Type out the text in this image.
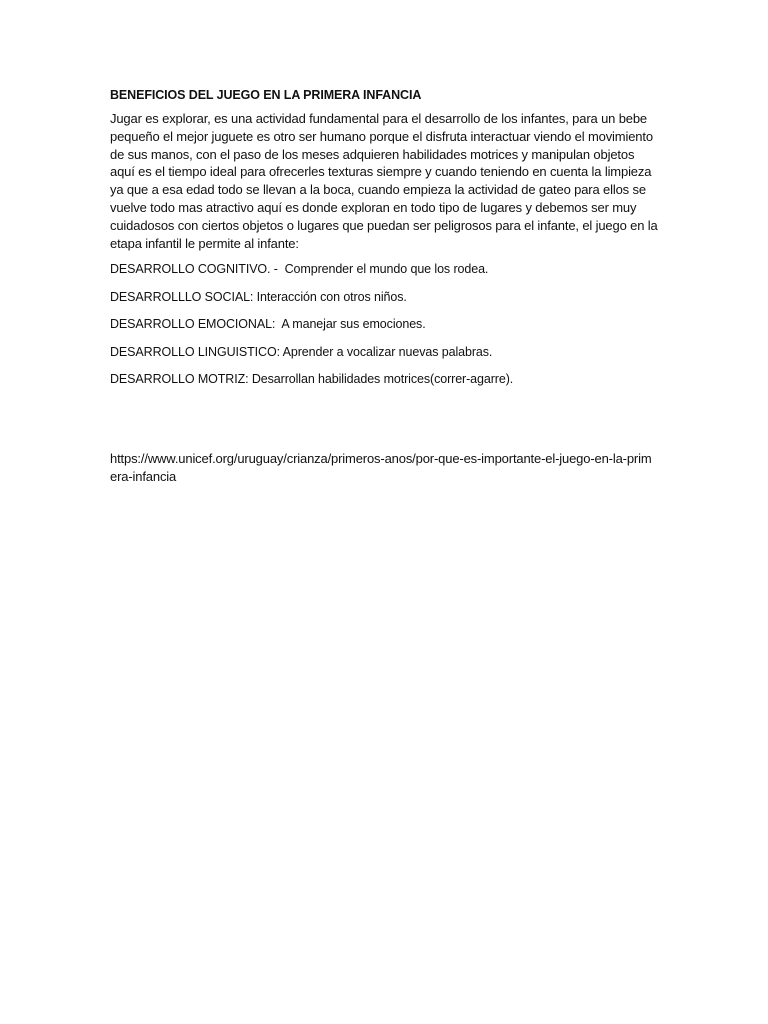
BENEFICIOS DEL JUEGO EN LA PRIMERA INFANCIA

Jugar es explorar, es una actividad fundamental para el desarrollo de los infantes, para un bebe pequeño el mejor juguete es otro ser humano porque el disfruta interactuar viendo el movimiento de sus manos, con el paso de los meses adquieren habilidades motrices y manipulan objetos aquí es el tiempo ideal para ofrecerles texturas siempre y cuando teniendo en cuenta la limpieza ya que a esa edad todo se llevan a la boca, cuando empieza la actividad de gateo para ellos se vuelve todo mas atractivo aquí es donde exploran en todo tipo de lugares y debemos ser muy cuidadosos con ciertos objetos o lugares que puedan ser peligrosos para el infante, el juego en la etapa infantil le permite al infante:

DESARROLLO COGNITIVO. -  Comprender el mundo que los rodea.

DESARROLLLO SOCIAL: Interacción con otros niños.

DESARROLLO EMOCIONAL:  A manejar sus emociones.

DESARROLLO LINGUISTICO: Aprender a vocalizar nuevas palabras.

DESARROLLO MOTRIZ: Desarrollan habilidades motrices(correr-agarre).

https://www.unicef.org/uruguay/crianza/primeros-anos/por-que-es-importante-el-juego-en-la-primera-infancia
